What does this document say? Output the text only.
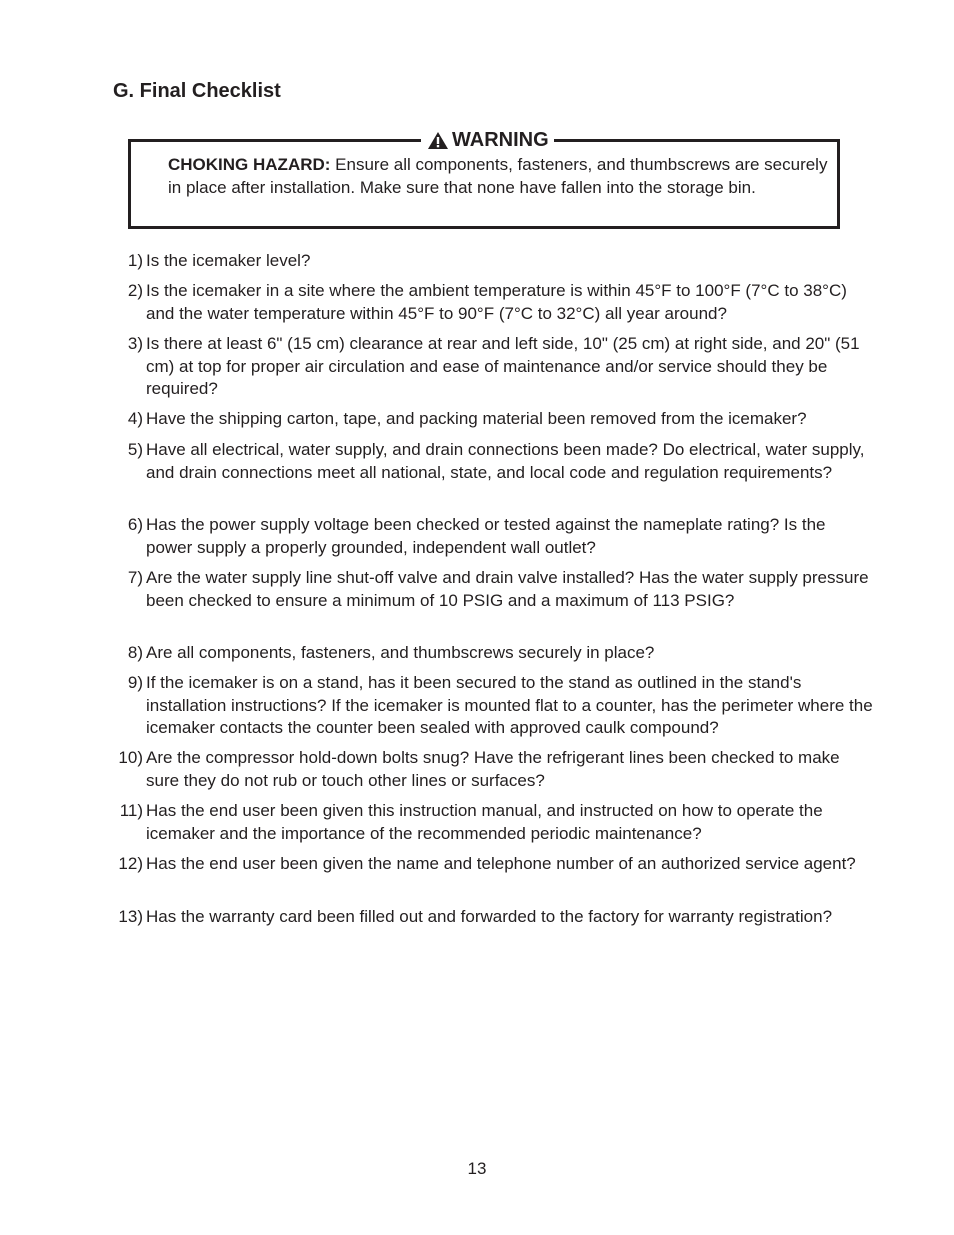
G. Final Checklist
WARNING

CHOKING HAZARD: Ensure all components, fasteners, and thumbscrews are securely in place after installation. Make sure that none have fallen into the storage bin.

1) Is the icemaker level?
2) Is the icemaker in a site where the ambient temperature is within 45°F to 100°F (7°C to 38°C) and the water temperature within 45°F to 90°F (7°C to 32°C) all year around?
3) Is there at least 6" (15 cm) clearance at rear and left side, 10" (25 cm) at right side, and 20" (51 cm) at top for proper air circulation and ease of maintenance and/or service should they be required?
4) Have the shipping carton, tape, and packing material been removed from the icemaker?
5) Have all electrical, water supply, and drain connections been made? Do electrical, water supply, and drain connections meet all national, state, and local code and regulation requirements?
6) Has the power supply voltage been checked or tested against the nameplate rating? Is the power supply a properly grounded, independent wall outlet?
7) Are the water supply line shut-off valve and drain valve installed? Has the water supply pressure been checked to ensure a minimum of 10 PSIG and a maximum of 113 PSIG?
8) Are all components, fasteners, and thumbscrews securely in place?
9) If the icemaker is on a stand, has it been secured to the stand as outlined in the stand's installation instructions? If the icemaker is mounted flat to a counter, has the perimeter where the icemaker contacts the counter been sealed with approved caulk compound?
10) Are the compressor hold-down bolts snug? Have the refrigerant lines been checked to make sure they do not rub or touch other lines or surfaces?
11) Has the end user been given this instruction manual, and instructed on how to operate the icemaker and the importance of the recommended periodic maintenance?
12) Has the end user been given the name and telephone number of an authorized service agent?
13) Has the warranty card been filled out and forwarded to the factory for warranty registration?
13
